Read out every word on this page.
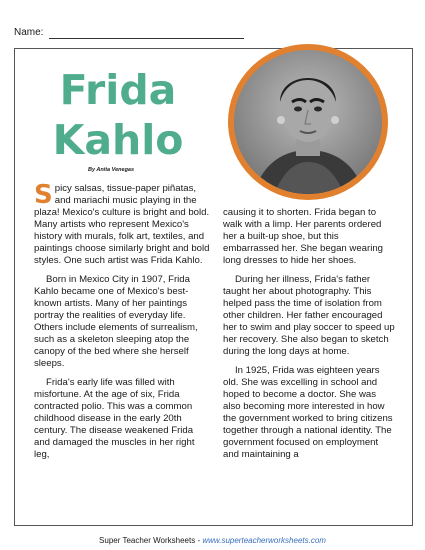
Name:
Frida
Kahlo
By Anita Venegas

Spicy salsas, tissue-paper piñatas, and mariachi music playing in the plaza! Mexico's culture is bright and bold. Many artists who represent Mexico's history with murals, folk art, textiles, and paintings choose similarly bright and bold styles. One such artist was Frida Kahlo.

Born in Mexico City in 1907, Frida Kahlo became one of Mexico's best-known artists. Many of her paintings portray the realities of everyday life. Others include elements of surrealism, such as a skeleton sleeping atop the canopy of the bed where she herself sleeps.

Frida's early life was filled with misfortune. At the age of six, Frida contracted polio. This was a common childhood disease in the early 20th century. The disease weakened Frida and damaged the muscles in her right leg,

causing it to shorten. Frida began to walk with a limp. Her parents ordered her a built-up shoe, but this embarrassed her. She began wearing long dresses to hide her shoes.

During her illness, Frida's father taught her about photography. This helped pass the time of isolation from other children. Her father encouraged her to swim and play soccer to speed up her recovery. She also began to sketch during the long days at home.

In 1925, Frida was eighteen years old. She was excelling in school and hoped to become a doctor. She was also becoming more interested in how the government worked to bring citizens together through a national identity. The government focused on employment and maintaining a

Super Teacher Worksheets - www.superteacherworksheets.com
